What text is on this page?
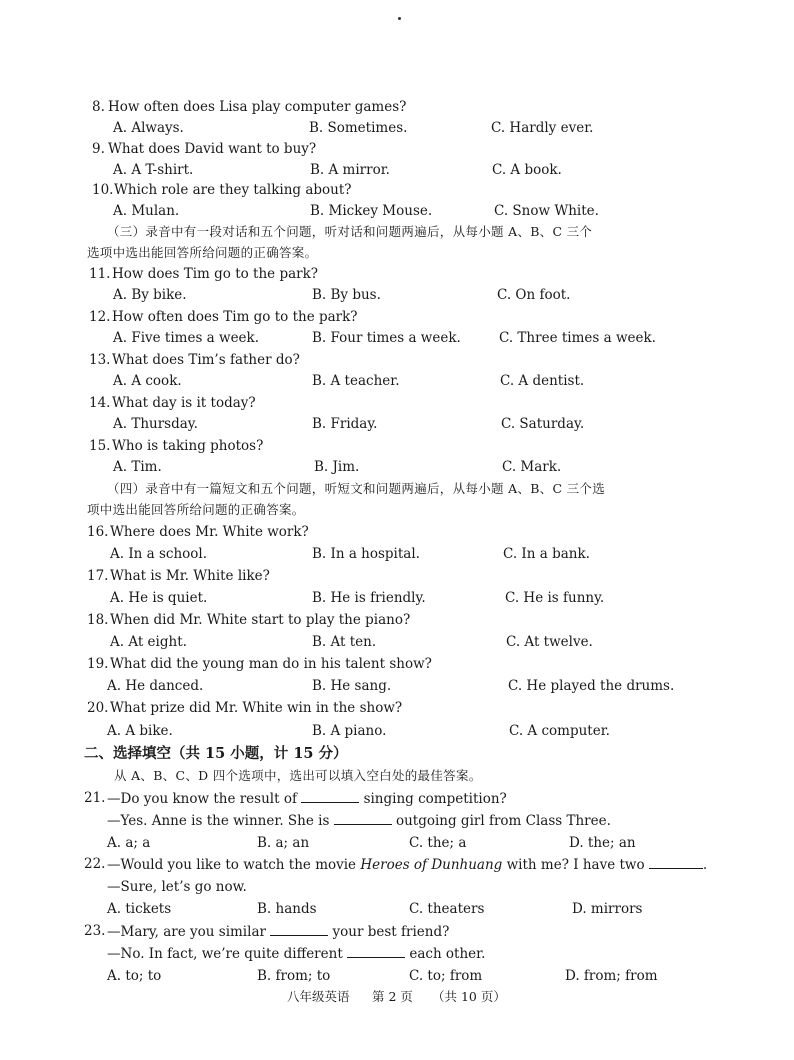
8. How often does Lisa play computer games?
A. Always.	B. Sometimes.	C. Hardly ever.
9. What does David want to buy?
A. A T-shirt.	B. A mirror.	C. A book.
10. Which role are they talking about?
A. Mulan.	B. Mickey Mouse.	C. Snow White.
（三）录音中有一段对话和五个问题，听对话和问题两遍后，从每小题 A、B、C 三个
选项中选出能回答所给问题的正确答案。
11. How does Tim go to the park?
A. By bike.	B. By bus.	C. On foot.
12. How often does Tim go to the park?
A. Five times a week.	B. Four times a week.	C. Three times a week.
13. What does Tim’s father do?
A. A cook.	B. A teacher.	C. A dentist.
14. What day is it today?
A. Thursday.	B. Friday.	C. Saturday.
15. Who is taking photos?
A. Tim.	B. Jim.	C. Mark.
（四）录音中有一篇短文和五个问题，听短文和问题两遍后，从每小题 A、B、C 三个选
项中选出能回答所给问题的正确答案。
16. Where does Mr. White work?
A. In a school.	B. In a hospital.	C. In a bank.
17. What is Mr. White like?
A. He is quiet.	B. He is friendly.	C. He is funny.
18. When did Mr. White start to play the piano?
A. At eight.	B. At ten.	C. At twelve.
19. What did the young man do in his talent show?
A. He danced.	B. He sang.	C. He played the drums.
20. What prize did Mr. White win in the show?
A. A bike.	B. A piano.	C. A computer.
二、选择填空（共 15 小题，计 15 分）
从 A、B、C、D 四个选项中，选出可以填入空白处的最佳答案。
21. —Do you know the result of	singing competition?
—Yes. Anne is the winner. She is	outgoing girl from Class Three.
A. a; a	B. a; an	C. the; a	D. the; an
22. —Would you like to watch the movie Heroes of Dunhuang with me? I have two	.
—Sure, let’s go now.
A. tickets	B. hands	C. theaters	D. mirrors
23. —Mary, are you similar	your best friend?
—No. In fact, we’re quite different	each other.
A. to; to	B. from; to	C. to; from	D. from; from
八年级英语 第 2 页 （共 10 页）
